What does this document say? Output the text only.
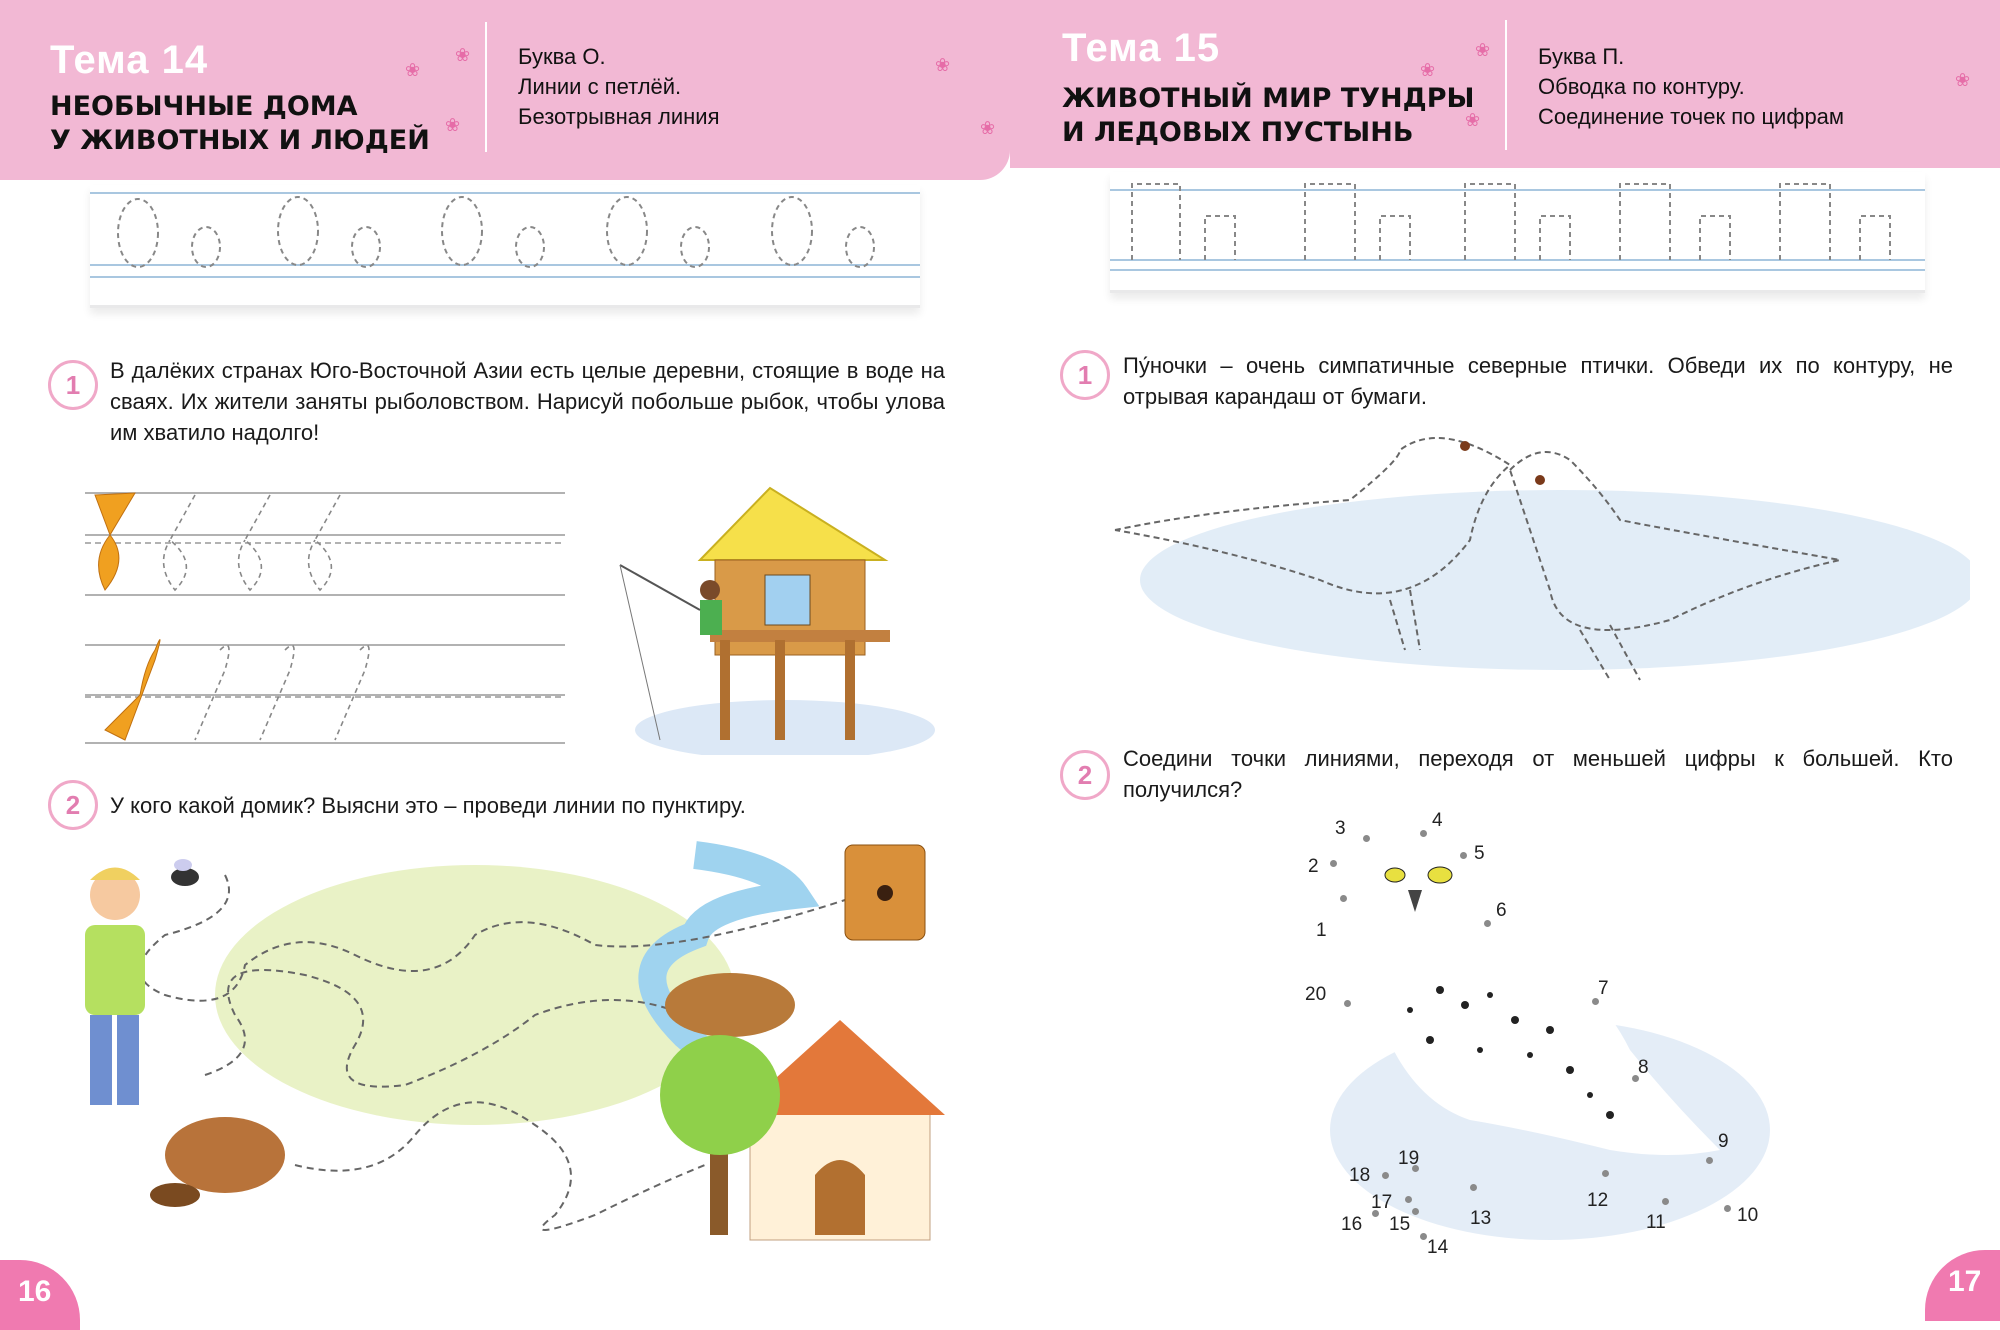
Тема 14
НЕОБЫЧНЫЕ ДОМА
У ЖИВОТНЫХ И ЛЮДЕЙ
Буква О.
Линии с петлёй.
Безотрывная линия
❀
❀
❀
❀
❀
1	В далёких странах Юго-Восточной Азии есть целые деревни, стоящие в воде на сваях. Их жители заняты рыболовством. Нарисуй побольше рыбок, чтобы улова им хватило надолго!
2	У кого какой домик? Выясни это – проведи линии по пунктиру.
16
Тема 15
ЖИВОТНЫЙ МИР ТУНДРЫ
И ЛЕДОВЫХ ПУСТЫНЬ
Буква П.
Обводка по контуру.
Соединение точек по цифрам
❀
❀
❀
❀
1	Пу́ночки – очень симпатичные северные птички. Обведи их по контуру, не отрывая карандаш от бумаги.
2
Соедини точки линиями, переходя от меньшей цифры к большей. Кто получился?
1
2
3	4
5
6
7
8
9
10
11
12
13
14
15
16
17
18
19
20
17
